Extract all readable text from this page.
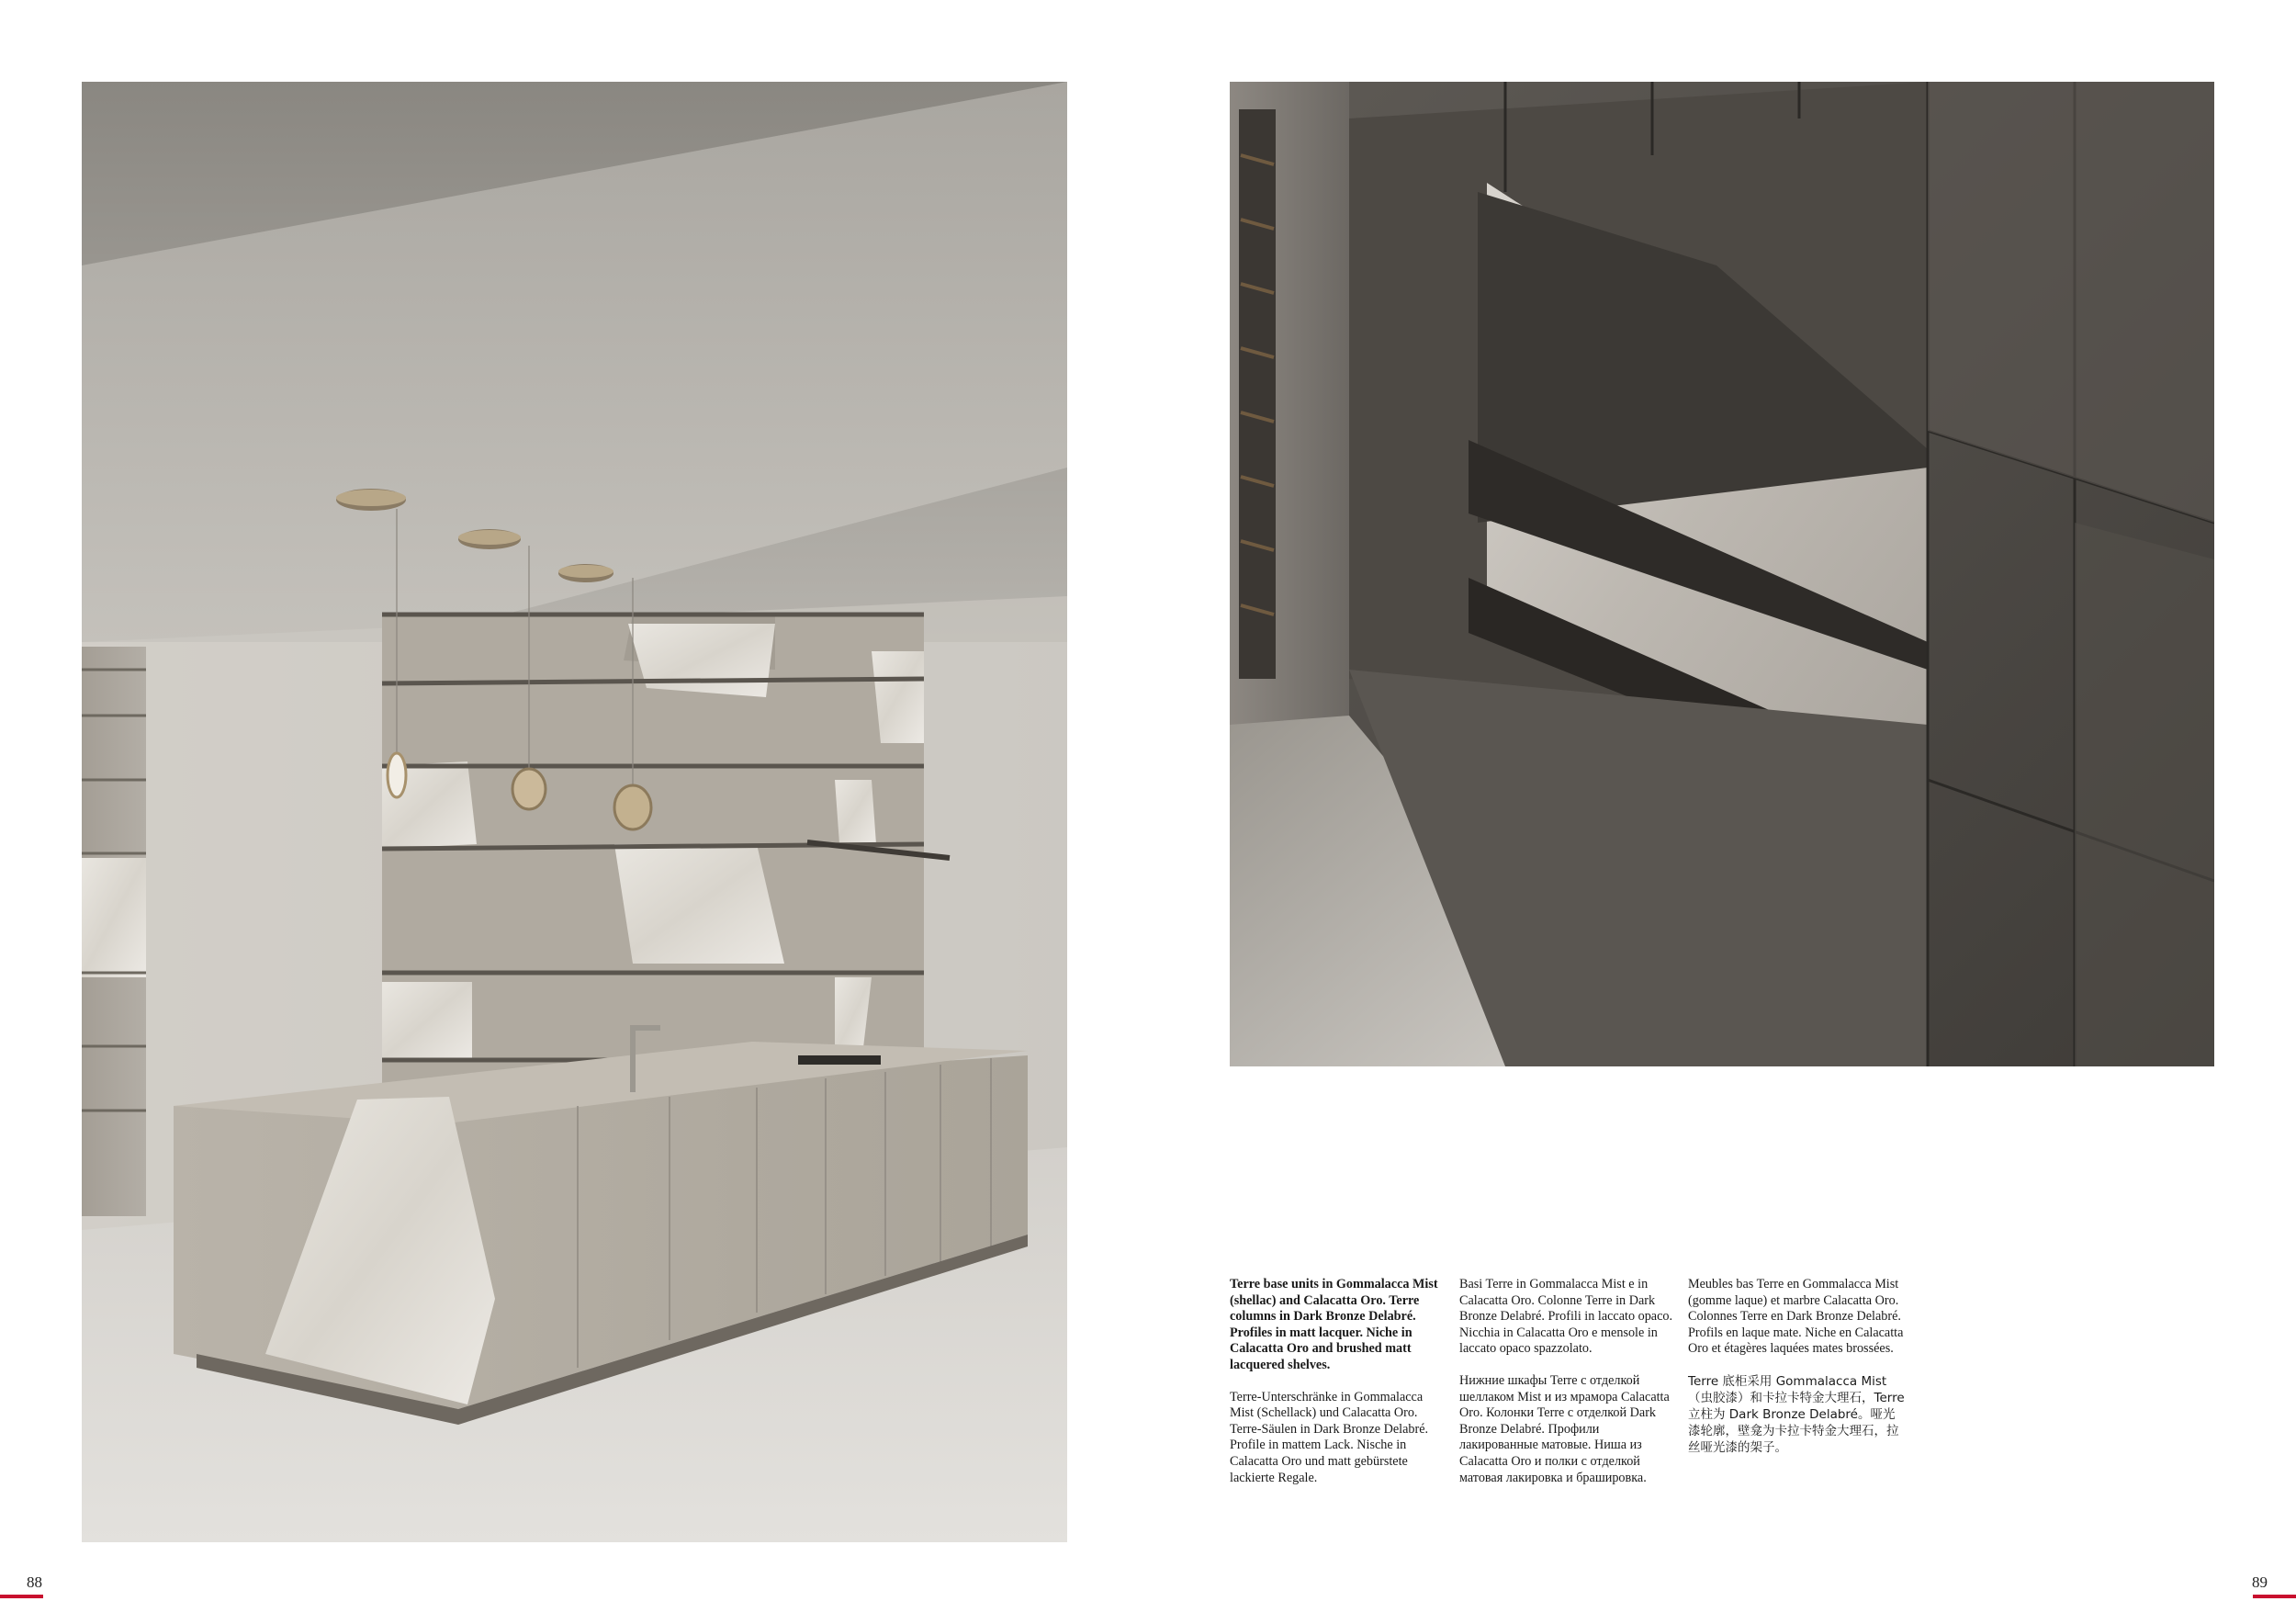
Terre base units in Gommalacca Mist (shellac) and Calacatta Oro. Terre columns in Dark Bronze Delabré. Profiles in matt lacquer. Niche in Calacatta Oro and brushed matt lacquered shelves.

Terre-Unterschränke in Gommalacca Mist (Schellack) und Calacatta Oro. Terre-Säulen in Dark Bronze Delabré. Profile in mattem Lack. Nische in Calacatta Oro und matt gebürstete lackierte Regale.

Basi Terre in Gommalacca Mist e in Calacatta Oro. Colonne Terre in Dark Bronze Delabré. Profili in laccato opaco. Nicchia in Calacatta Oro e mensole in laccato opaco spazzolato.

Нижние шкафы Terre с отделкой шеллаком Mist и из мрамора Calacatta Oro. Колонки Terre с отделкой Dark Bronze Delabré. Профили лакированные матовые. Ниша из Calacatta Oro и полки с отделкой матовая лакировка и браширoвка.

Meubles bas Terre en Gommalacca Mist (gomme laque) et marbre Calacatta Oro. Colonnes Terre en Dark Bronze Delabré. Profils en laque mate. Niche en Calacatta Oro et étagères laquées mates brossées.

Terre 底柜采用 Gommalacca Mist（虫胶漆）和卡拉卡特金大理石，Terre 立柱为 Dark Bronze Delabré。哑光漆轮廓，壁龛为卡拉卡特金大理石，拉丝哑光漆的架子。

88	89
